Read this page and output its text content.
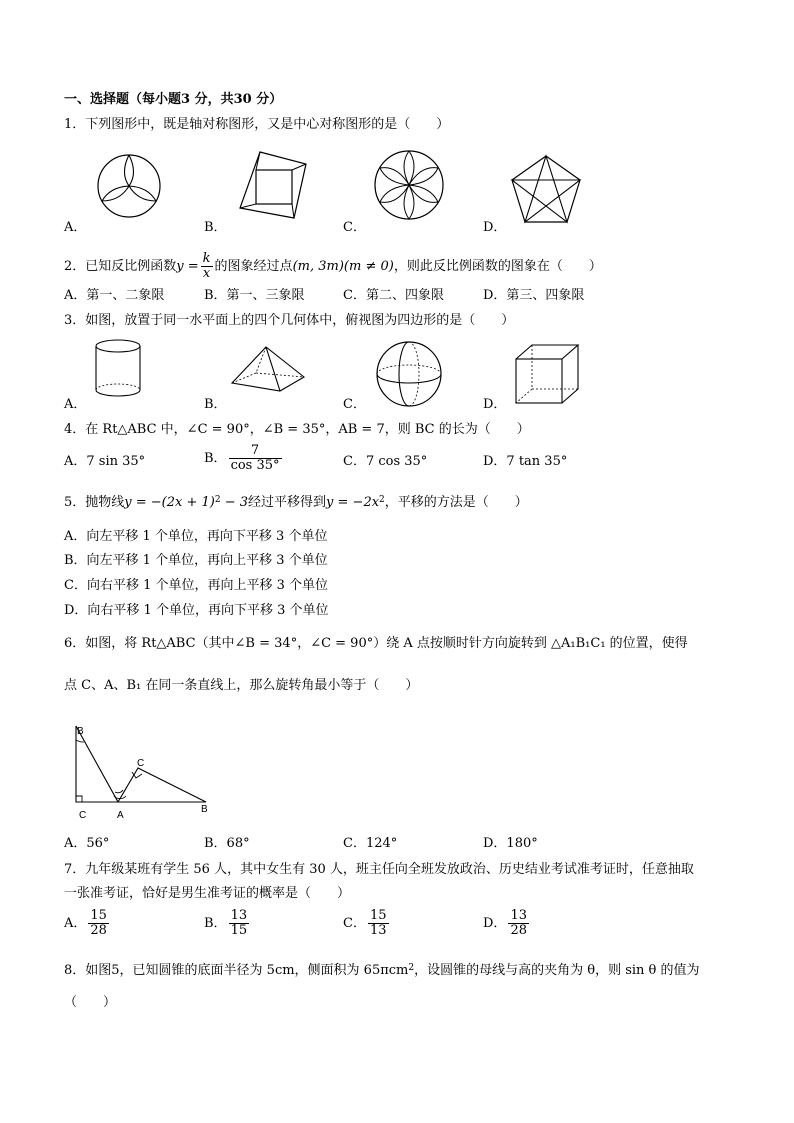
一、选择题（每小题3 分，共30 分）
1．下列图形中，既是轴对称图形，又是中心对称图形的是（　　）
A．	B．	C．	D．
2．已知反比例函数$y = \frac{k}{x}$ 的图象经过点(m, 3m)(m ≠ 0)，则此反比例函数的图象在（　　）
A．第一、二象限	B．第一、三象限	C．第二、四象限	D．第三、四象限
3．如图，放置于同一水平面上的四个几何体中，俯视图为四边形的是（　　）
A．	B．	C．	D．
4．在 Rt△ABC 中，∠C = 90°，∠B = 35°，AB = 7，则 BC 的长为（　　）
A．7 sin 35°	B． $\frac{7}{\cos 35^\circ}$	C．7 cos 35°	D．7 tan 35°
5．抛物线$y = -(2x + 1)^2 - 3$经过平移得到$y = -2x^2$，平移的方法是（　　）
A．向左平移 1 个单位，再向下平移 3 个单位
B．向左平移 1 个单位，再向上平移 3 个单位
C．向右平移 1 个单位，再向上平移 3 个单位
D．向右平移 1 个单位，再向下平移 3 个单位
6．如图，将 Rt△ABC（其中∠B = 34°，∠C = 90°）绕 A 点按顺时针方向旋转到 △A₁B₁C₁ 的位置，使得
点 C、A、B₁ 在同一条直线上，那么旋转角最小等于（　　）
B
C	A
B
C
A．56°	B．68°	C．124°	D．180°
7．九年级某班有学生 56 人，其中女生有 30 人，班主任向全班发放政治、历史结业考试准考证时，任意抽取
一张准考证，恰好是男生准考证的概率是（　　）
A． $\frac{15}{28}$	B． $\frac{13}{15}$	C． $\frac{15}{13}$	D． $\frac{13}{28}$
8．如图5，已知圆锥的底面半径为 5cm，侧面积为 65πcm$^2$，设圆锥的母线与高的夹角为 θ，则 sin θ 的值为
（　　）
